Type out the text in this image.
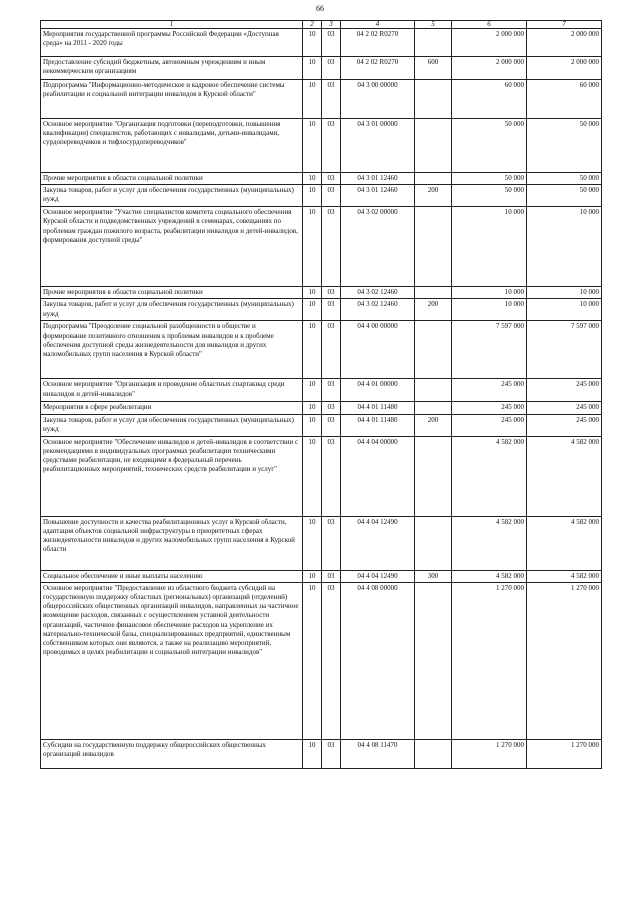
66
1	2	3	4	5	6	7
Мероприятия государственной программы Российской Федерации «Доступная среда» на 2011 - 2020 годы	10	03	04 2 02 R0270		2 000 000	2 000 000
Предоставление субсидий бюджетным, автономным учреждениям и иным некоммерческим организациям	10	03	04 2 02 R0270	600	2 000 000	2 000 000
Подпрограмма "Информационно-методическое и кадровое обеспечение системы реабилитации и социальной интеграции инвалидов в Курской области"	10	03	04 3 00 00000		60 000	60 000
Основное мероприятие "Организация подготовки (переподготовки, повышения квалификации) специалистов, работающих с инвалидами, детьми-инвалидами, сурдопереводчиков и тифлосурдопереводчиков"	10	03	04 3 01 00000		50 000	50 000
Прочие мероприятия в области социальной политики	10	03	04 3 01 12460		50 000	50 000
Закупка товаров, работ и услуг для обеспечения государственных (муниципальных) нужд	10	03	04 3 01 12460	200	50 000	50 000
Основное мероприятие "Участие специалистов комитета социального обеспечения Курской области и подведомственных учреждений в семинарах, совещаниях по проблемам граждан пожилого возраста, реабилитации инвалидов и детей-инвалидов, формирования доступной среды"	10	03	04 3 02 00000		10 000	10 000
Прочие мероприятия в области социальной политики	10	03	04 3 02 12460		10 000	10 000
Закупка товаров, работ и услуг для обеспечения государственных (муниципальных) нужд	10	03	04 3 02 12460	200	10 000	10 000
Подпрограмма "Преодоление социальной разобщенности в обществе и формирование позитивного отношения к проблемам инвалидов и к проблеме обеспечения доступной среды жизнедеятельности для инвалидов и других маломобильных групп населения в Курской области"	10	03	04 4 00 00000		7 597 000	7 597 000
Основное мероприятие "Организация и проведение областных спартакиад среди инвалидов и детей-инвалидов"	10	03	04 4 01 00000		245 000	245 000
Мероприятия в сфере реабилитации	10	03	04 4 01 11480		245 000	245 000
Закупка товаров, работ и услуг для обеспечения государственных (муниципальных) нужд	10	03	04 4 01 11480	200	245 000	245 000
Основное мероприятие "Обеспечение инвалидов и детей-инвалидов в соответствии с рекомендациями в индивидуальных программах реабилитации техническими средствами реабилитации, не входящими в федеральный перечень реабилитационных мероприятий, технических средств реабилитации и услуг"	10	03	04 4 04 00000		4 582 000	4 582 000
Повышение доступности и качества реабилитационных услуг в Курской области, адаптация объектов социальной инфраструктуры в приоритетных сферах жизнедеятельности инвалидов и других маломобильных групп населения в Курской области	10	03	04 4 04 12490		4 582 000	4 582 000
Социальное обеспечение и иные выплаты населению	10	03	04 4 04 12490	300	4 582 000	4 582 000
Основное мероприятие "Предоставление из областного бюджета субсидий на государственную поддержку областных (региональных) организаций (отделений) общероссийских общественных организаций инвалидов, направленных на частичное возмещение расходов, связанных с осуществлением уставной деятельности организаций, частичное финансовое обеспечение расходов на укрепление их материально-технической базы, специализированных предприятий, единственным собственником которых они являются, а также на реализацию мероприятий, проводимых в целях реабилитации и социальной интеграции инвалидов"	10	03	04 4 08 00000		1 270 000	1 270 000
Субсидии на государственную поддержку общероссийских общественных организаций инвалидов	10	03	04 4 08 11470		1 270 000	1 270 000
